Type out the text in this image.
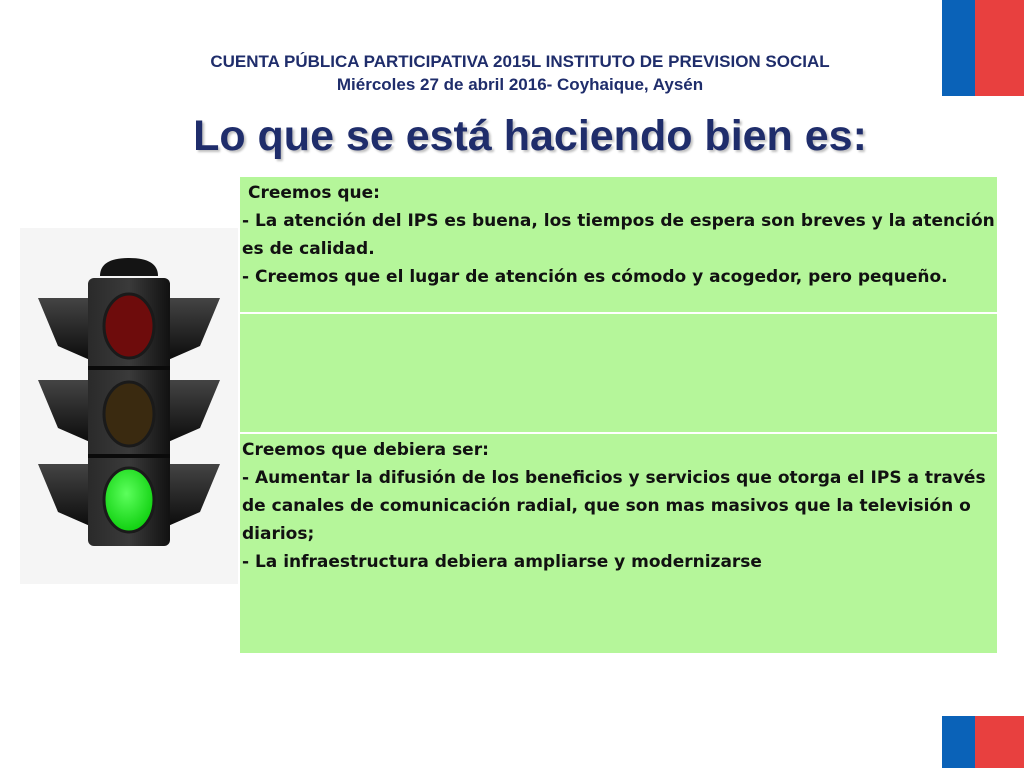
CUENTA PÚBLICA PARTICIPATIVA 2015L INSTITUTO DE PREVISION SOCIAL
Miércoles 27 de abril 2016- Coyhaique, Aysén
Lo que se está haciendo bien es:
Creemos que:
- La atención del IPS es buena, los tiempos de espera son breves y la atención es de calidad.
- Creemos que el lugar de atención es cómodo y acogedor, pero pequeño.
Creemos que debiera ser:
- Aumentar la difusión de los beneficios y servicios que otorga el IPS a través de canales de comunicación radial, que son mas masivos que la televisión o diarios;
- La infraestructura debiera ampliarse y modernizarse
